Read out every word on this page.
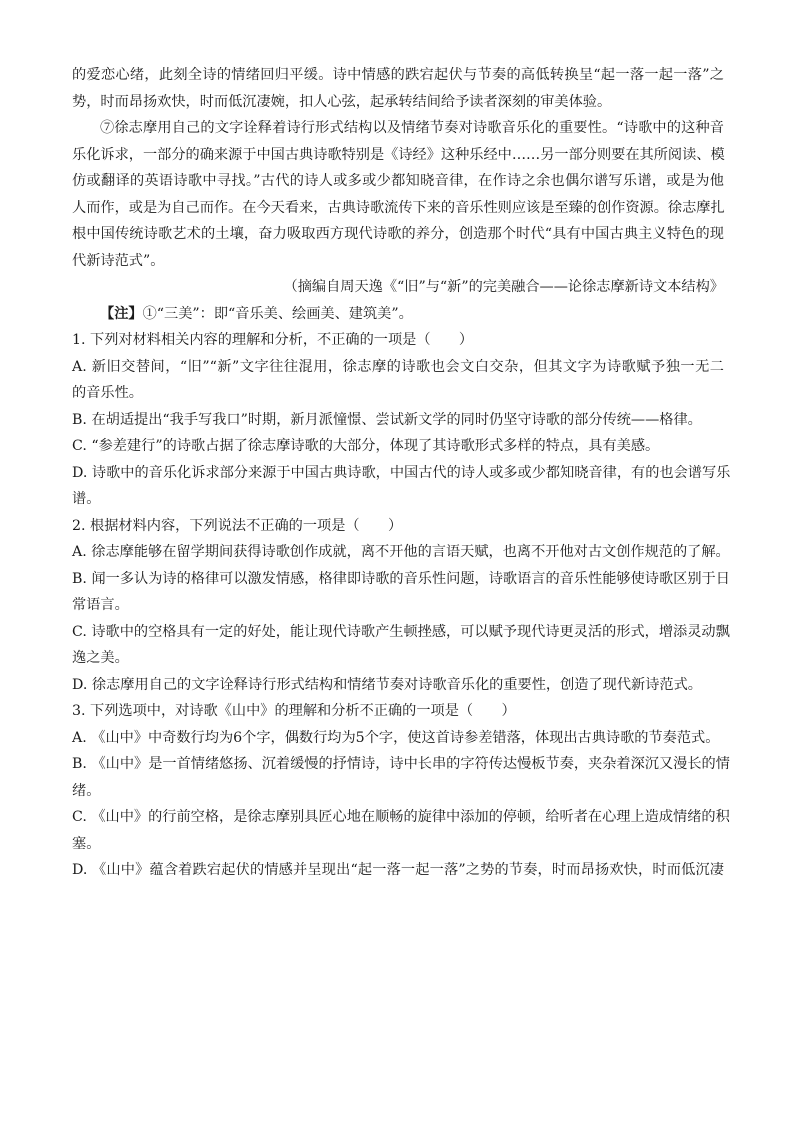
的爱恋心绪，此刻全诗的情绪回归平缓。诗中情感的跌宕起伏与节奏的高低转换呈“起一落一起一落”之
势，时而昂扬欢快，时而低沉凄婉，扣人心弦，起承转结间给予读者深刻的审美体验。
⑦徐志摩用自己的文字诠释着诗行形式结构以及情绪节奏对诗歌音乐化的重要性。“诗歌中的这种音
乐化诉求，一部分的确来源于中国古典诗歌特别是《诗经》这种乐经中……另一部分则要在其所阅读、模
仿或翻译的英语诗歌中寻找。”古代的诗人或多或少都知晓音律，在作诗之余也偶尔谱写乐谱，或是为他
人而作，或是为自己而作。在今天看来，古典诗歌流传下来的音乐性则应该是至臻的创作资源。徐志摩扎
根中国传统诗歌艺术的土壤，奋力吸取西方现代诗歌的养分，创造那个时代“具有中国古典主义特色的现
代新诗范式”。
（摘编自周天逸《“旧”与“新”的完美融合——论徐志摩新诗文本结构》
【注】①“三美”：即“音乐美、绘画美、建筑美”。
1. 下列对材料相关内容的理解和分析，不正确的一项是（　　）
A. 新旧交替间，“旧”“新”文字往往混用，徐志摩的诗歌也会文白交杂，但其文字为诗歌赋予独一无二
的音乐性。
B. 在胡适提出“我手写我口”时期，新月派憧憬、尝试新文学的同时仍坚守诗歌的部分传统——格律。
C. “参差建行”的诗歌占据了徐志摩诗歌的大部分，体现了其诗歌形式多样的特点，具有美感。
D. 诗歌中的音乐化诉求部分来源于中国古典诗歌，中国古代的诗人或多或少都知晓音律，有的也会谱写乐
谱。
2. 根据材料内容，下列说法不正确的一项是（　　）
A. 徐志摩能够在留学期间获得诗歌创作成就，离不开他的言语天赋，也离不开他对古文创作规范的了解。
B. 闻一多认为诗的格律可以激发情感，格律即诗歌的音乐性问题，诗歌语言的音乐性能够使诗歌区别于日
常语言。
C. 诗歌中的空格具有一定的好处，能让现代诗歌产生顿挫感，可以赋予现代诗更灵活的形式，增添灵动飘
逸之美。
D. 徐志摩用自己的文字诠释诗行形式结构和情绪节奏对诗歌音乐化的重要性，创造了现代新诗范式。
3. 下列选项中，对诗歌《山中》的理解和分析不正确的一项是（　　）
A. 《山中》中奇数行均为6个字，偶数行均为5个字，使这首诗参差错落，体现出古典诗歌的节奏范式。
B. 《山中》是一首情绪悠扬、沉着缓慢的抒情诗，诗中长串的字符传达慢板节奏，夹杂着深沉又漫长的情
绪。
C. 《山中》的行前空格，是徐志摩别具匠心地在顺畅的旋律中添加的停顿，给听者在心理上造成情绪的积
塞。
D. 《山中》蕴含着跌宕起伏的情感并呈现出“起一落一起一落”之势的节奏，时而昂扬欢快，时而低沉凄
